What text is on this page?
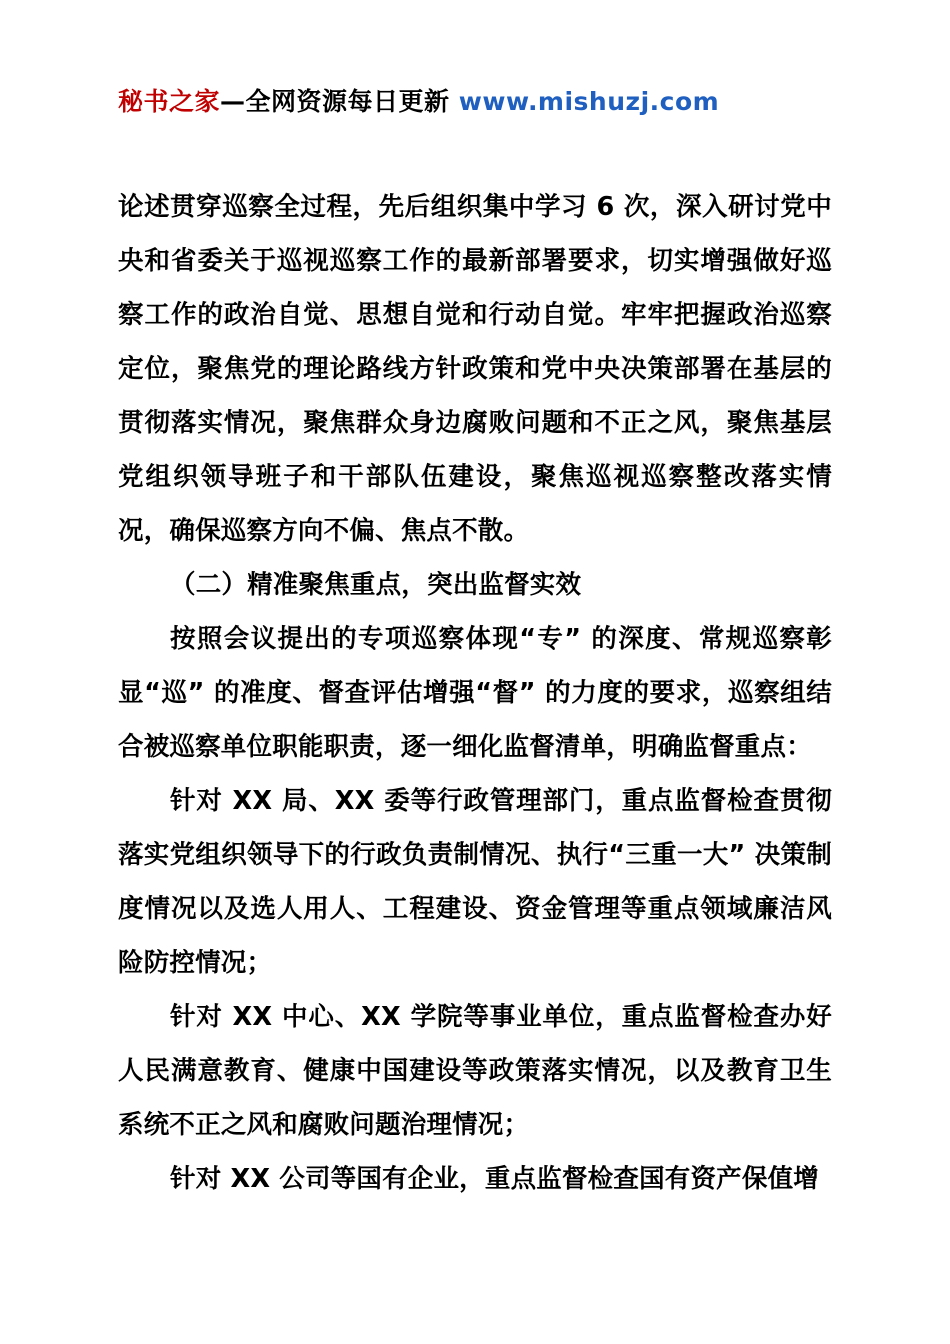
秘书之家—全网资源每日更新 www.mishuzj.com

论述贯穿巡察全过程，先后组织集中学习 6 次，深入研讨党中央和省委关于巡视巡察工作的最新部署要求，切实增强做好巡察工作的政治自觉、思想自觉和行动自觉。牢牢把握政治巡察定位，聚焦党的理论路线方针政策和党中央决策部署在基层的贯彻落实情况，聚焦群众身边腐败问题和不正之风，聚焦基层党组织领导班子和干部队伍建设，聚焦巡视巡察整改落实情况，确保巡察方向不偏、焦点不散。

（二）精准聚焦重点，突出监督实效

按照会议提出的专项巡察体现“专” 的深度、常规巡察彰显“巡” 的准度、督查评估增强“督” 的力度的要求，巡察组结合被巡察单位职能职责，逐一细化监督清单，明确监督重点：

针对 XX 局、XX 委等行政管理部门，重点监督检查贯彻落实党组织领导下的行政负责制情况、执行“三重一大” 决策制度情况以及选人用人、工程建设、资金管理等重点领域廉洁风险防控情况；

针对 XX 中心、XX 学院等事业单位，重点监督检查办好人民满意教育、健康中国建设等政策落实情况，以及教育卫生系统不正之风和腐败问题治理情况；

针对 XX 公司等国有企业，重点监督检查国有资产保值增
